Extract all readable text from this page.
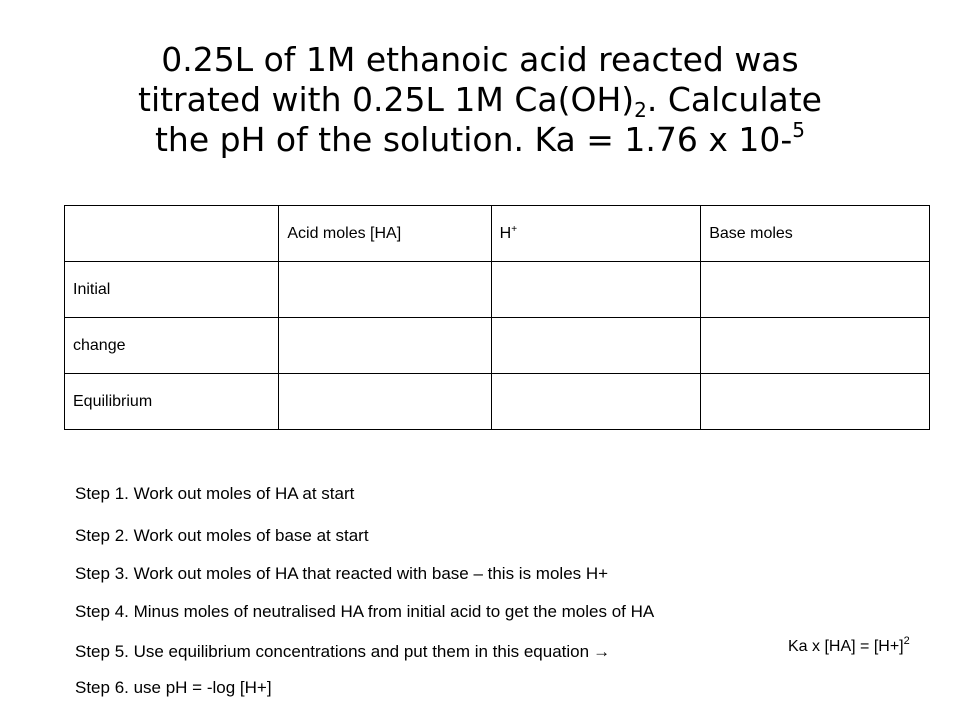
0.25L of 1M ethanoic acid reacted was
titrated with 0.25L 1M $Ca(OH)_2$. Calculate
the pH of the solution. Ka = 1.76 x 10-$^5$
	Acid moles [HA]	H+	Base moles
Initial			
change			
Equilibrium			
Step 1. Work out moles of HA at start
Step 2. Work out moles of base at start
Step 3. Work out moles of HA that reacted with base – this is moles H+
Step 4. Minus moles of neutralised HA from initial acid to get the moles of HA
Step 5. Use equilibrium concentrations and put them in this equation →
Step 6. use pH = -log [H+]
Ka x $[HA] = [H+]^2$
